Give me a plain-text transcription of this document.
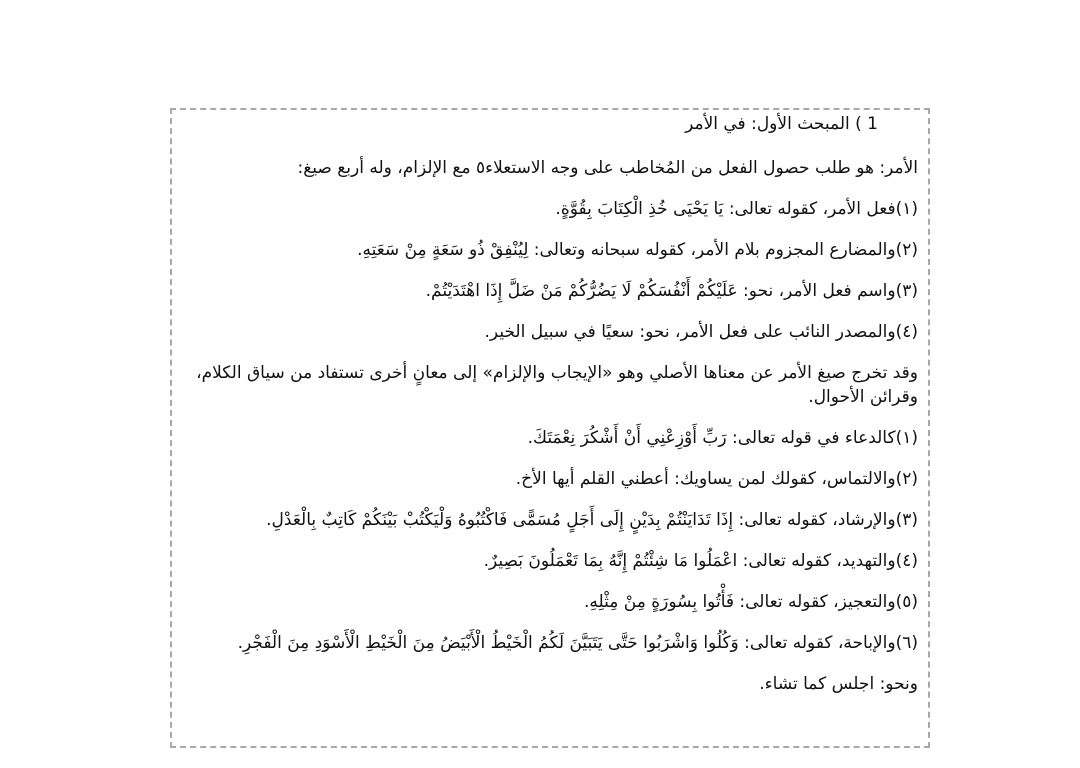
1 ) المبحث الأول: في الأمر
الأمر: هو طلب حصول الفعل من المُخاطب على وجه الاستعلاء٥ مع الإلزام، وله أربع صيغ:
(١)فعل الأمر، كقوله تعالى: يَا يَحْيَى خُذِ الْكِتَابَ بِقُوَّةٍ.
(٢)والمضارع المجزوم بلام الأمر، كقوله سبحانه وتعالى: لِيُنْفِقْ ذُو سَعَةٍ مِنْ سَعَتِهِ.
(٣)واسم فعل الأمر، نحو: عَلَيْكُمْ أَنْفُسَكُمْ لَا يَضُرُّكُمْ مَنْ ضَلَّ إِذَا اهْتَدَيْتُمْ.
(٤)والمصدر النائب على فعل الأمر، نحو: سعيًا في سبيل الخير.
وقد تخرج صيغ الأمر عن معناها الأصلي وهو «الإيجاب والإلزام» إلى معانٍ أخرى تستفاد من سياق الكلام،
وقرائن الأحوال.
(١)كالدعاء في قوله تعالى: رَبِّ أَوْزِعْنِي أَنْ أَشْكُرَ نِعْمَتَكَ.
(٢)والالتماس، كقولك لمن يساويك: أعطني القلم أيها الأخ.
(٣)والإرشاد، كقوله تعالى: إِذَا تَدَايَنْتُمْ بِدَيْنٍ إِلَى أَجَلٍ مُسَمًّى فَاكْتُبُوهُ وَلْيَكْتُبْ بَيْنَكُمْ كَاتِبٌ بِالْعَدْلِ.
(٤)والتهديد، كقوله تعالى: اعْمَلُوا مَا شِئْتُمْ إِنَّهُ بِمَا تَعْمَلُونَ بَصِيرٌ.
(٥)والتعجيز، كقوله تعالى: فَأْتُوا بِسُورَةٍ مِنْ مِثْلِهِ.
(٦)والإباحة، كقوله تعالى: وَكُلُوا وَاشْرَبُوا حَتَّى يَتَبَيَّنَ لَكُمُ الْخَيْطُ الْأَبْيَضُ مِنَ الْخَيْطِ الْأَسْوَدِ مِنَ الْفَجْرِ.
ونحو: اجلس كما تشاء.
